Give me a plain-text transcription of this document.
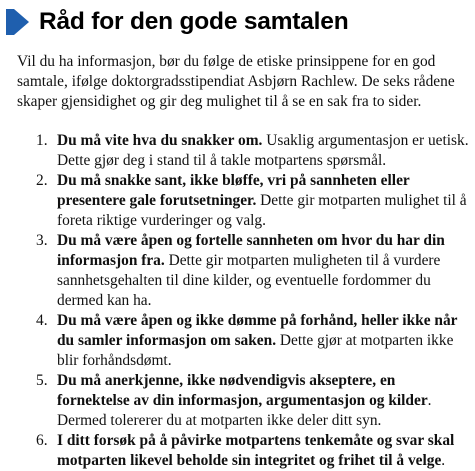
Råd for den gode samtalen

Vil du ha informasjon, bør du følge de etiske prinsippene for en god samtale, ifølge doktorgradsstipendiat Asbjørn Rachlew. De seks rådene skaper gjensidighet og gir deg mulighet til å se en sak fra to sider.

1. Du må vite hva du snakker om. Usaklig argumentasjon er uetisk. Dette gjør deg i stand til å takle motpartens spørsmål.
2. Du må snakke sant, ikke bløffe, vri på sannheten eller presentere gale forutsetninger. Dette gir motparten mulighet til å foreta riktige vurderinger og valg.
3. Du må være åpen og fortelle sannheten om hvor du har din informasjon fra. Dette gir motparten muligheten til å vurdere sannhetsgehalten til dine kilder, og eventuelle fordommer du dermed kan ha.
4. Du må være åpen og ikke dømme på forhånd, heller ikke når du samler informasjon om saken. Dette gjør at motparten ikke blir forhåndsdømt.
5. Du må anerkjenne, ikke nødvendigvis akseptere, en fornektelse av din informasjon, argumentasjon og kilder. Dermed tolererer du at motparten ikke deler ditt syn.
6. I ditt forsøk på å påvirke motpartens tenkemåte og svar skal motparten likevel beholde sin integritet og frihet til å velge.
